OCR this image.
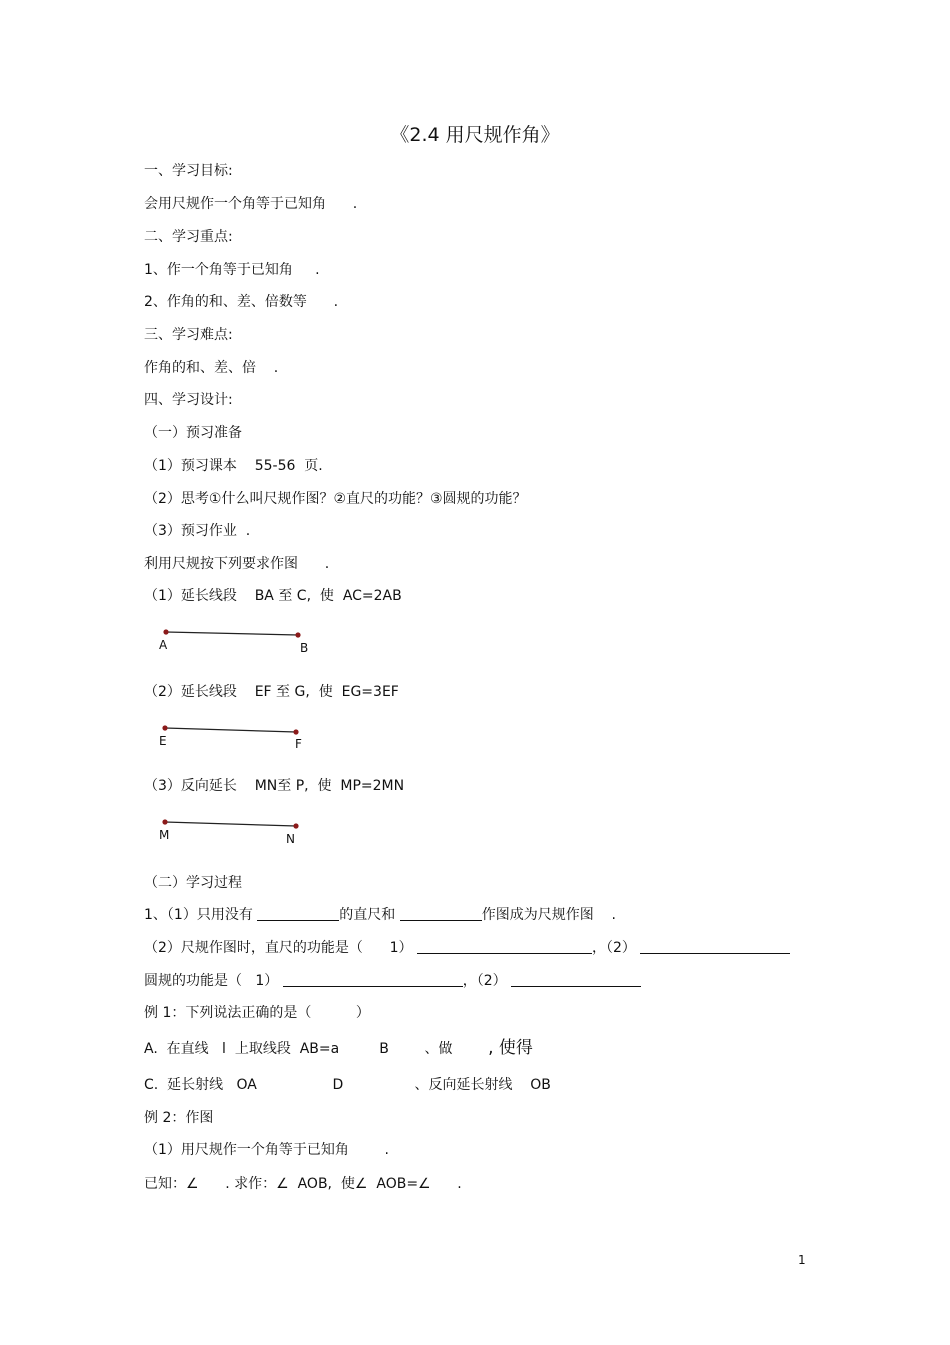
《2.4 用尺规作角》
一、学习目标:
会用尺规作一个角等于已知角      .
二、学习重点:
1、作一个角等于已知角     .
2、作角的和、差、倍数等      .
三、学习难点:
作角的和、差、倍    .
四、学习设计:
（一）预习准备
（1）预习课本    55-56  页.
（2）思考①什么叫尺规作图？②直尺的功能？③圆规的功能？
（3）预习作业  .
利用尺规按下列要求作图      .
（1）延长线段    BA 至 C,  使  AC=2AB
A	B
（2）延长线段    EF 至 G,  使  EG=3EF
E	F
（3）反向延长    MN至 P,  使  MP=2MN
M	N
（二）学习过程
1、（1）只用没有	的直尺和	作图成为尺规作图    .
（2）尺规作图时，直尺的功能是（      1）	，（2）
圆规的功能是（   1）	，（2）
例 1：下列说法正确的是（          ）
A.  在直线   l  上取线段  AB=a         B        、做        , 使得
C.  延长射线   OA                 D                、反向延长射线    OB
例 2：作图
（1）用尺规作一个角等于已知角        .
已知：∠      . 求作：∠  AOB,  使∠  AOB=∠      .
1
